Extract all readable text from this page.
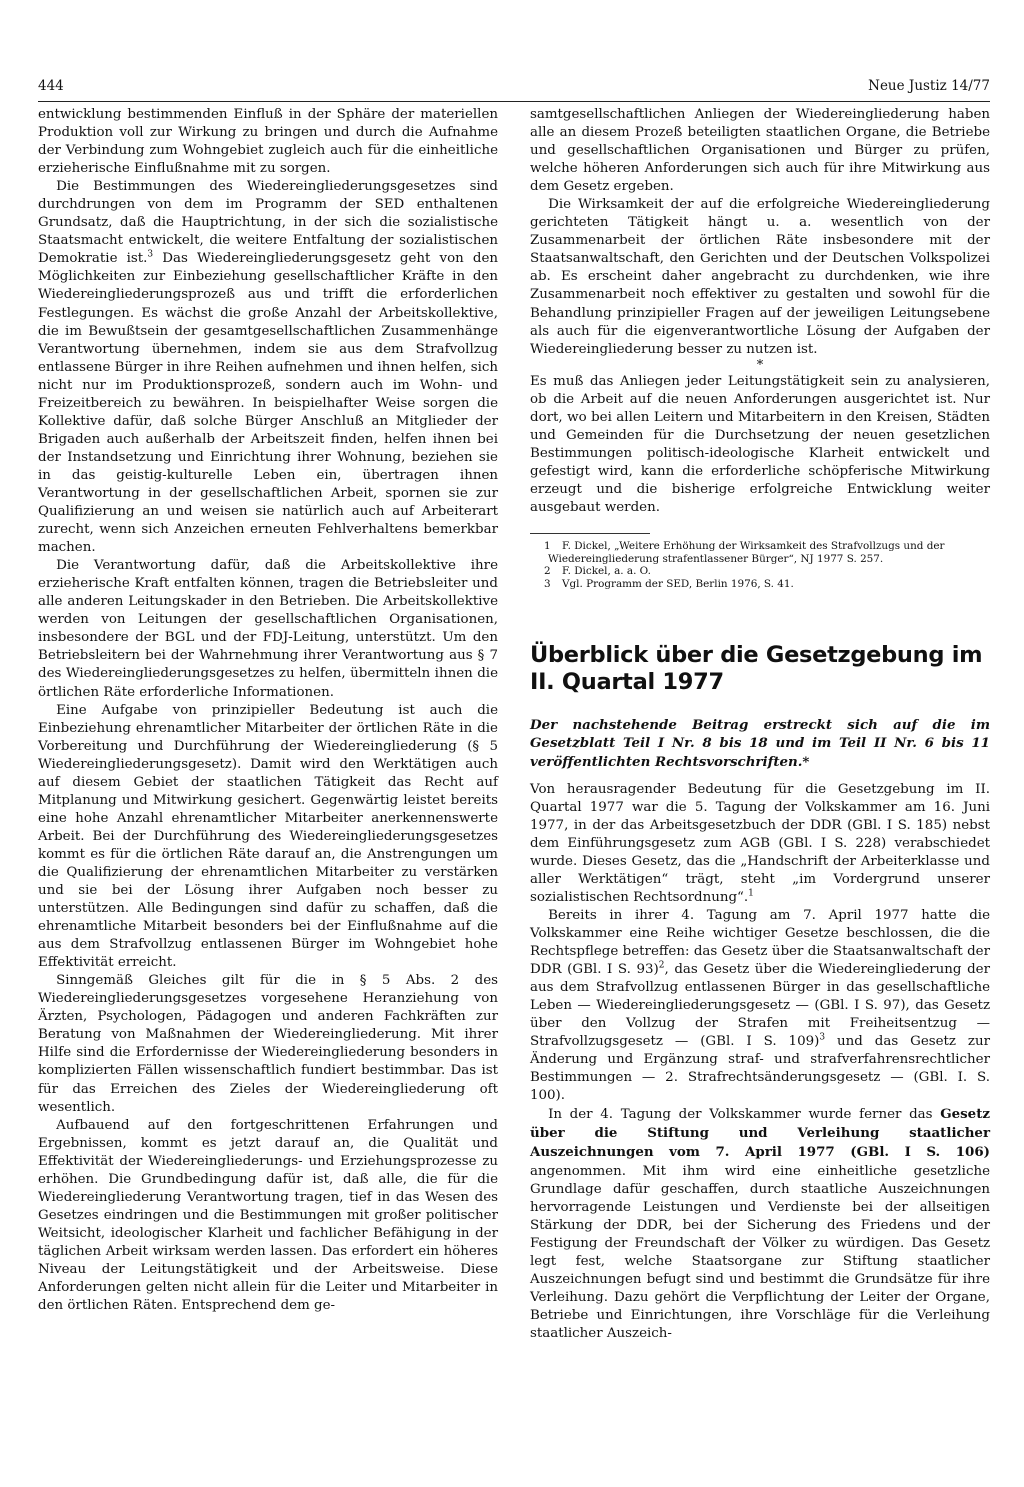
444	Neue Justiz 14/77

entwicklung bestimmenden Einfluß in der Sphäre der materiellen Produktion voll zur Wirkung zu bringen und durch die Aufnahme der Verbindung zum Wohngebiet zugleich auch für die einheitliche erzieherische Einflußnahme mit zu sorgen.

Die Bestimmungen des Wiedereingliederungsgesetzes sind durchdrungen von dem im Programm der SED enthaltenen Grundsatz, daß die Hauptrichtung, in der sich die sozialistische Staatsmacht entwickelt, die weitere Entfaltung der sozialistischen Demokratie ist.$^3$ Das Wiedereingliederungsgesetz geht von den Möglichkeiten zur Einbeziehung gesellschaftlicher Kräfte in den Wiedereingliederungsprozeß aus und trifft die erforderlichen Festlegungen. Es wächst die große Anzahl der Arbeitskollektive, die im Bewußtsein der gesamtgesellschaftlichen Zusammenhänge Verantwortung übernehmen, indem sie aus dem Strafvollzug entlassene Bürger in ihre Reihen aufnehmen und ihnen helfen, sich nicht nur im Produktionsprozeß, sondern auch im Wohn- und Freizeitbereich zu bewähren. In beispielhafter Weise sorgen die Kollektive dafür, daß solche Bürger Anschluß an Mitglieder der Brigaden auch außerhalb der Arbeitszeit finden, helfen ihnen bei der Instandsetzung und Einrichtung ihrer Wohnung, beziehen sie in das geistig-kulturelle Leben ein, übertragen ihnen Verantwortung in der gesellschaftlichen Arbeit, spornen sie zur Qualifizierung an und weisen sie natürlich auch auf Arbeiterart zurecht, wenn sich Anzeichen erneuten Fehlverhaltens bemerkbar machen.

Die Verantwortung dafür, daß die Arbeitskollektive ihre erzieherische Kraft entfalten können, tragen die Betriebsleiter und alle anderen Leitungskader in den Betrieben. Die Arbeitskollektive werden von Leitungen der gesellschaftlichen Organisationen, insbesondere der BGL und der FDJ-Leitung, unterstützt. Um den Betriebsleitern bei der Wahrnehmung ihrer Verantwortung aus § 7 des Wiedereingliederungsgesetzes zu helfen, übermitteln ihnen die örtlichen Räte erforderliche Informationen.

Eine Aufgabe von prinzipieller Bedeutung ist auch die Einbeziehung ehrenamtlicher Mitarbeiter der örtlichen Räte in die Vorbereitung und Durchführung der Wiedereingliederung (§ 5 Wiedereingliederungsgesetz). Damit wird den Werktätigen auch auf diesem Gebiet der staatlichen Tätigkeit das Recht auf Mitplanung und Mitwirkung gesichert. Gegenwärtig leistet bereits eine hohe Anzahl ehrenamtlicher Mitarbeiter anerkennenswerte Arbeit. Bei der Durchführung des Wiedereingliederungsgesetzes kommt es für die örtlichen Räte darauf an, die Anstrengungen um die Qualifizierung der ehrenamtlichen Mitarbeiter zu verstärken und sie bei der Lösung ihrer Aufgaben noch besser zu unterstützen. Alle Bedingungen sind dafür zu schaffen, daß die ehrenamtliche Mitarbeit besonders bei der Einflußnahme auf die aus dem Strafvollzug entlassenen Bürger im Wohngebiet hohe Effektivität erreicht.

Sinngemäß Gleiches gilt für die in § 5 Abs. 2 des Wiedereingliederungsgesetzes vorgesehene Heranziehung von Ärzten, Psychologen, Pädagogen und anderen Fachkräften zur Beratung von Maßnahmen der Wiedereingliederung. Mit ihrer Hilfe sind die Erfordernisse der Wiedereingliederung besonders in komplizierten Fällen wissenschaftlich fundiert bestimmbar. Das ist für das Erreichen des Zieles der Wiedereingliederung oft wesentlich.

Aufbauend auf den fortgeschrittenen Erfahrungen und Ergebnissen, kommt es jetzt darauf an, die Qualität und Effektivität der Wiedereingliederungs- und Erziehungsprozesse zu erhöhen. Die Grundbedingung dafür ist, daß alle, die für die Wiedereingliederung Verantwortung tragen, tief in das Wesen des Gesetzes eindringen und die Bestimmungen mit großer politischer Weitsicht, ideologischer Klarheit und fachlicher Befähigung in der täglichen Arbeit wirksam werden lassen. Das erfordert ein höheres Niveau der Leitungstätigkeit und der Arbeitsweise. Diese Anforderungen gelten nicht allein für die Leiter und Mitarbeiter in den örtlichen Räten. Entsprechend dem ge-

samtgesellschaftlichen Anliegen der Wiedereingliederung haben alle an diesem Prozeß beteiligten staatlichen Organe, die Betriebe und gesellschaftlichen Organisationen und Bürger zu prüfen, welche höheren Anforderungen sich auch für ihre Mitwirkung aus dem Gesetz ergeben.

Die Wirksamkeit der auf die erfolgreiche Wiedereingliederung gerichteten Tätigkeit hängt u. a. wesentlich von der Zusammenarbeit der örtlichen Räte insbesondere mit der Staatsanwaltschaft, den Gerichten und der Deutschen Volkspolizei ab. Es erscheint daher angebracht zu durchdenken, wie ihre Zusammenarbeit noch effektiver zu gestalten und sowohl für die Behandlung prinzipieller Fragen auf der jeweiligen Leitungsebene als auch für die eigenverantwortliche Lösung der Aufgaben der Wiedereingliederung besser zu nutzen ist.

*

Es muß das Anliegen jeder Leitungstätigkeit sein zu analysieren, ob die Arbeit auf die neuen Anforderungen ausgerichtet ist. Nur dort, wo bei allen Leitern und Mitarbeitern in den Kreisen, Städten und Gemeinden für die Durchsetzung der neuen gesetzlichen Bestimmungen politisch-ideologische Klarheit entwickelt und gefestigt wird, kann die erforderliche schöpferische Mitwirkung erzeugt und die bisherige erfolgreiche Entwicklung weiter ausgebaut werden.

1 F. Dickel, „Weitere Erhöhung der Wirksamkeit des Strafvollzugs und der Wiedereingliederung strafentlassener Bürger“, NJ 1977 S. 257.

2 F. Dickel, a. a. O.

3 Vgl. Programm der SED, Berlin 1976, S. 41.

Überblick über die Gesetzgebung im II. Quartal 1977

Der nachstehende Beitrag erstreckt sich auf die im Gesetzblatt Teil I Nr. 8 bis 18 und im Teil II Nr. 6 bis 11 veröffentlichten Rechtsvorschriften.*

Von herausragender Bedeutung für die Gesetzgebung im II. Quartal 1977 war die 5. Tagung der Volkskammer am 16. Juni 1977, in der das Arbeitsgesetzbuch der DDR (GBl. I S. 185) nebst dem Einführungsgesetz zum AGB (GBl. I S. 228) verabschiedet wurde. Dieses Gesetz, das die „Handschrift der Arbeiterklasse und aller Werktätigen“ trägt, steht „im Vordergrund unserer sozialistischen Rechtsordnung“.$^1$

Bereits in ihrer 4. Tagung am 7. April 1977 hatte die Volkskammer eine Reihe wichtiger Gesetze beschlossen, die die Rechtspflege betreffen: das Gesetz über die Staatsanwaltschaft der DDR (GBl. I S. 93)$^2$, das Gesetz über die Wiedereingliederung der aus dem Strafvollzug entlassenen Bürger in das gesellschaftliche Leben — Wiedereingliederungsgesetz — (GBl. I S. 97), das Gesetz über den Vollzug der Strafen mit Freiheitsentzug — Strafvollzugsgesetz — (GBl. I S. 109)$^3$ und das Gesetz zur Änderung und Ergänzung straf- und strafverfahrensrechtlicher Bestimmungen — 2. Strafrechtsänderungsgesetz — (GBl. I. S. 100).

In der 4. Tagung der Volkskammer wurde ferner das Gesetz über die Stiftung und Verleihung staatlicher Auszeichnungen vom 7. April 1977 (GBl. I S. 106) angenommen. Mit ihm wird eine einheitliche gesetzliche Grundlage dafür geschaffen, durch staatliche Auszeichnungen hervorragende Leistungen und Verdienste bei der allseitigen Stärkung der DDR, bei der Sicherung des Friedens und der Festigung der Freundschaft der Völker zu würdigen. Das Gesetz legt fest, welche Staatsorgane zur Stiftung staatlicher Auszeichnungen befugt sind und bestimmt die Grundsätze für ihre Verleihung. Dazu gehört die Verpflichtung der Leiter der Organe, Betriebe und Einrichtungen, ihre Vorschläge für die Verleihung staatlicher Auszeich-
